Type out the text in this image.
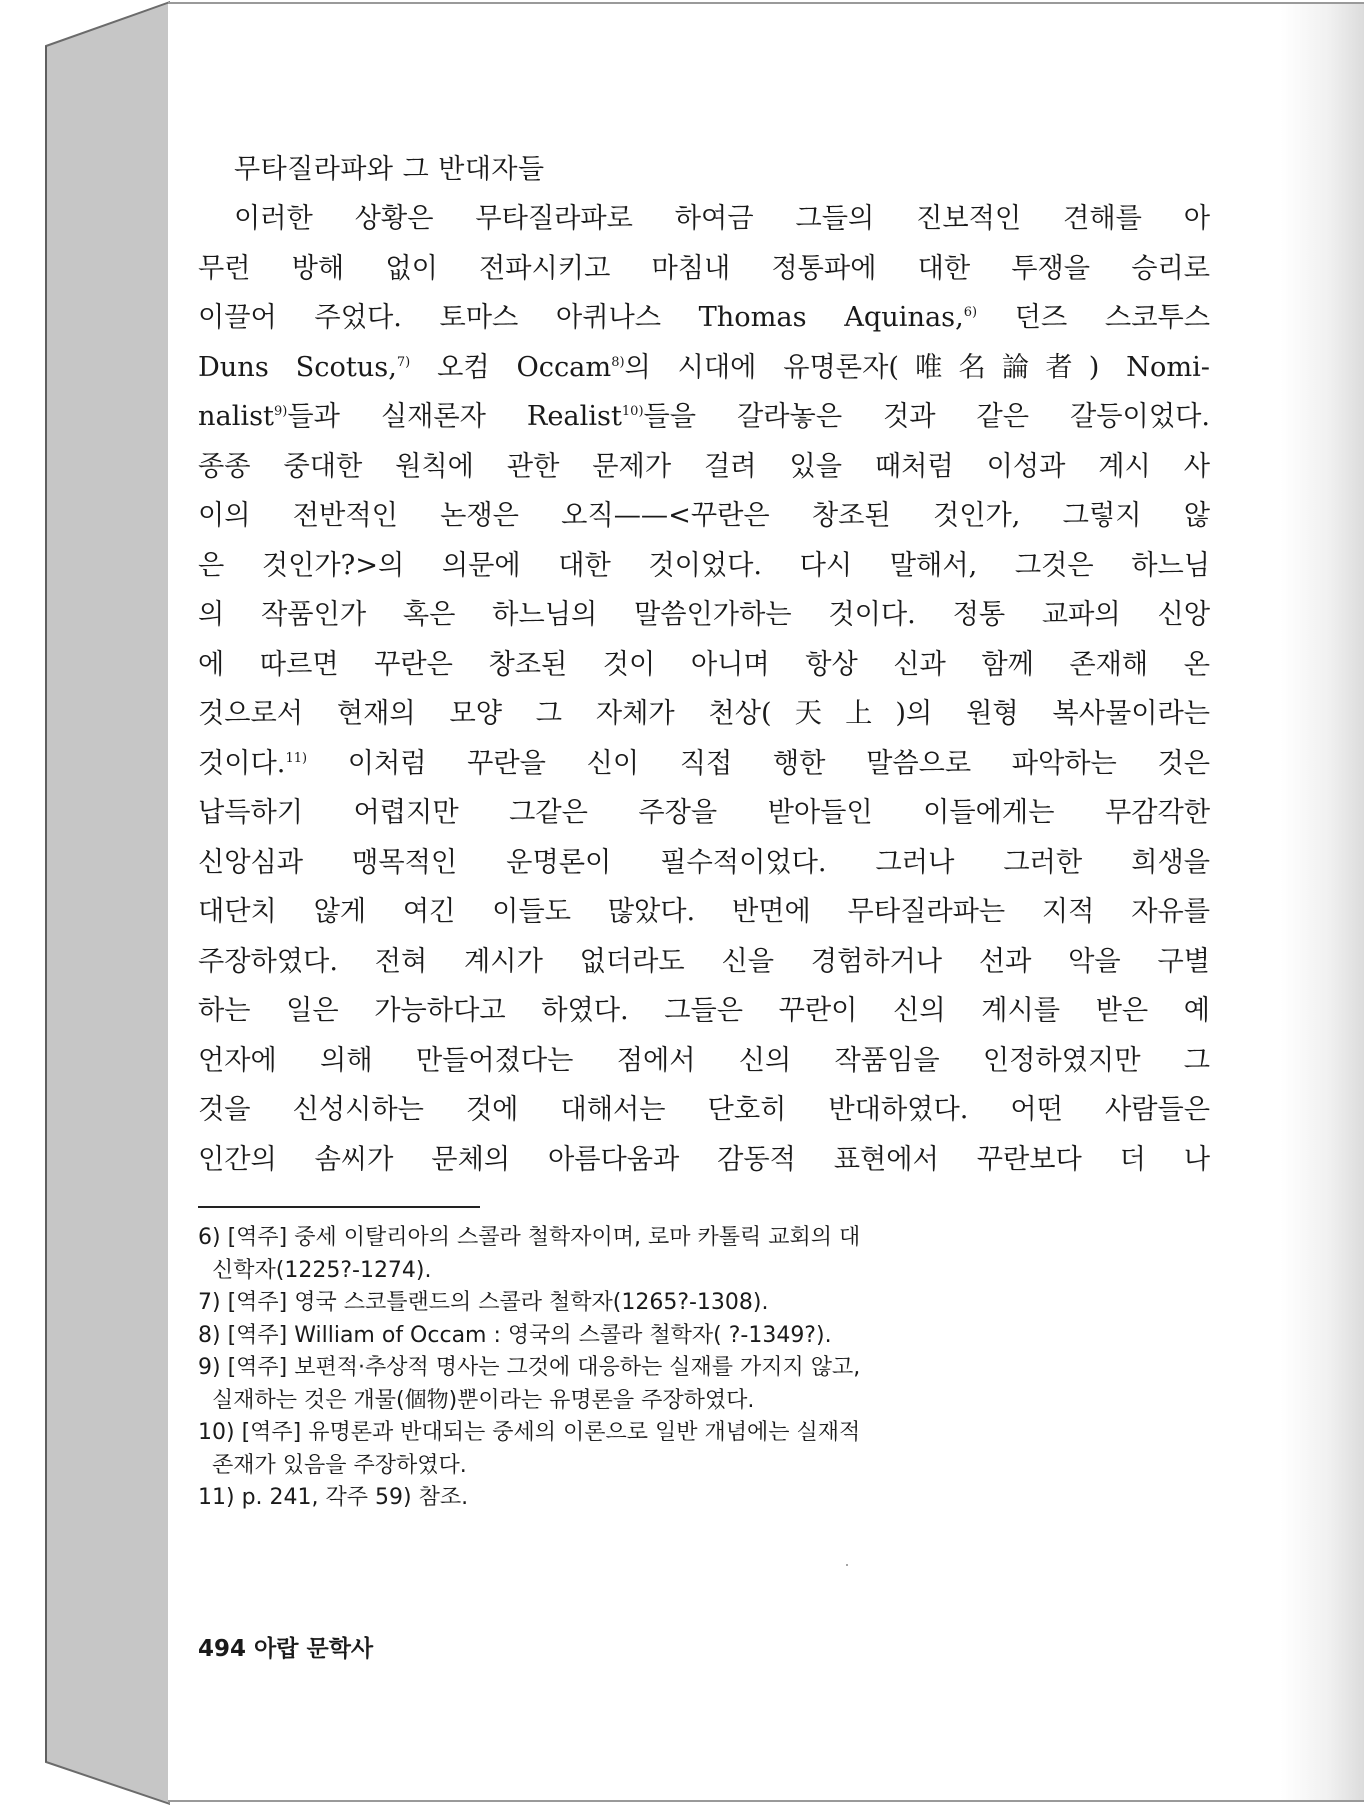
무타질라파와 그 반대자들
이러한 상황은 무타질라파로 하여금 그들의 진보적인 견해를 아
무런 방해 없이 전파시키고 마침내 정통파에 대한 투쟁을 승리로
이끌어 주었다. 토마스 아퀴나스 Thomas Aquinas,$^{6)}$ 던즈 스코투스
Duns Scotus,$^{7)}$ 오컴 Occam$^{8)}$의 시대에 유명론자(唯名論者) Nomi-
nalist$^{9)}$들과 실재론자 Realist$^{10)}$들을 갈라놓은 것과 같은 갈등이었다.
종종 중대한 원칙에 관한 문제가 걸려 있을 때처럼 이성과 계시 사
이의 전반적인 논쟁은 오직——<꾸란은 창조된 것인가, 그렇지 않
은 것인가?>의 의문에 대한 것이었다. 다시 말해서, 그것은 하느님
의 작품인가 혹은 하느님의 말씀인가하는 것이다. 정통 교파의 신앙
에 따르면 꾸란은 창조된 것이 아니며 항상 신과 함께 존재해 온
것으로서 현재의 모양 그 자체가 천상(天上)의 원형 복사물이라는
것이다.$^{11)}$ 이처럼 꾸란을 신이 직접 행한 말씀으로 파악하는 것은
납득하기 어렵지만 그같은 주장을 받아들인 이들에게는 무감각한
신앙심과 맹목적인 운명론이 필수적이었다. 그러나 그러한 희생을
대단치 않게 여긴 이들도 많았다. 반면에 무타질라파는 지적 자유를
주장하였다. 전혀 계시가 없더라도 신을 경험하거나 선과 악을 구별
하는 일은 가능하다고 하였다. 그들은 꾸란이 신의 계시를 받은 예
언자에 의해 만들어졌다는 점에서 신의 작품임을 인정하였지만 그
것을 신성시하는 것에 대해서는 단호히 반대하였다. 어떤 사람들은
인간의 솜씨가 문체의 아름다움과 감동적 표현에서 꾸란보다 더 나
6) [역주] 중세 이탈리아의 스콜라 철학자이며, 로마 카톨릭 교회의 대
신학자(1225?-1274).
7) [역주] 영국 스코틀랜드의 스콜라 철학자(1265?-1308).
8) [역주] William of Occam : 영국의 스콜라 철학자( ?-1349?).
9) [역주] 보편적·추상적 명사는 그것에 대응하는 실재를 가지지 않고,
실재하는 것은 개물(個物)뿐이라는 유명론을 주장하였다.
10) [역주] 유명론과 반대되는 중세의 이론으로 일반 개념에는 실재적
존재가 있음을 주장하였다.
11) p. 241, 각주 59) 참조.
494 아랍 문학사
